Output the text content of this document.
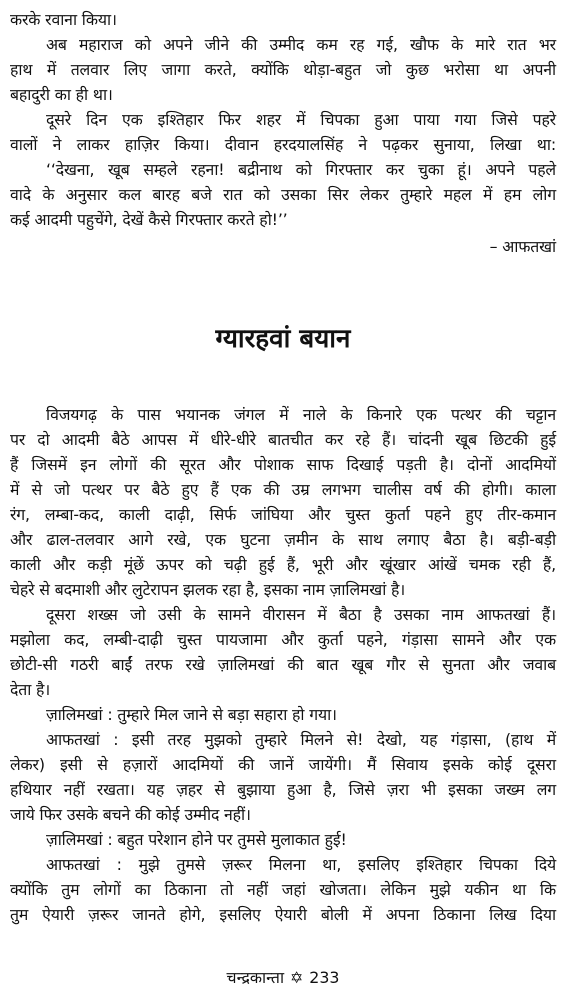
करके रवाना किया।
अब महाराज को अपने जीने की उम्मीद कम रह गई, खौफ के मारे रात भर
हाथ में तलवार लिए जागा करते, क्योंकि थोड़ा-बहुत जो कुछ भरोसा था अपनी
बहादुरी का ही था।
दूसरे दिन एक इश्तिहार फिर शहर में चिपका हुआ पाया गया जिसे पहरे
वालों ने लाकर हाज़िर किया। दीवान हरदयालसिंह ने पढ़कर सुनाया, लिखा था:
‘‘देखना, खूब सम्हले रहना! बद्रीनाथ को गिरफ्तार कर चुका हूं। अपने पहले
वादे के अनुसार कल बारह बजे रात को उसका सिर लेकर तुम्हारे महल में हम लोग
कई आदमी पहुचेंगे, देखें कैसे गिरफ्तार करते हो!’’
– आफतखां
ग्यारहवां बयान
विजयगढ़ के पास भयानक जंगल में नाले के किनारे एक पत्थर की चट्टान
पर दो आदमी बैठे आपस में धीरे-धीरे बातचीत कर रहे हैं। चांदनी खूब छिटकी हुई
हैं जिसमें इन लोगों की सूरत और पोशाक साफ दिखाई पड़ती है। दोनों आदमियों
में से जो पत्थर पर बैठे हुए हैं एक की उम्र लगभग चालीस वर्ष की होगी। काला
रंग, लम्बा-कद, काली दाढ़ी, सिर्फ जांघिया और चुस्त कुर्ता पहने हुए तीर-कमान
और ढाल-तलवार आगे रखे, एक घुटना ज़मीन के साथ लगाए बैठा है। बड़ी-बड़ी
काली और कड़ी मूंछें ऊपर को चढ़ी हुई हैं, भूरी और खूंखार आंखें चमक रही हैं,
चेहरे से बदमाशी और लुटेरापन झलक रहा है, इसका नाम ज़ालिमखां है।
दूसरा शख्स जो उसी के सामने वीरासन में बैठा है उसका नाम आफतखां हैं।
मझोला कद, लम्बी-दाढ़ी चुस्त पायजामा और कुर्ता पहने, गंड़ासा सामने और एक
छोटी-सी गठरी बाईं तरफ रखे ज़ालिमखां की बात खूब गौर से सुनता और जवाब
देता है।
ज़ालिमखां : तुम्हारे मिल जाने से बड़ा सहारा हो गया।
आफतखां : इसी तरह मुझको तुम्हारे मिलने से! देखो, यह गंड़ासा, (हाथ में
लेकर) इसी से हज़ारों आदमियों की जानें जायेंगी। मैं सिवाय इसके कोई दूसरा
हथियार नहीं रखता। यह ज़हर से बुझाया हुआ है, जिसे ज़रा भी इसका जख्म लग
जाये फिर उसके बचने की कोई उम्मीद नहीं।
ज़ालिमखां : बहुत परेशान होने पर तुमसे मुलाकात हुई!
आफतखां : मुझे तुमसे ज़रूर मिलना था, इसलिए इश्तिहार चिपका दिये
क्योंकि तुम लोगों का ठिकाना तो नहीं जहां खोजता। लेकिन मुझे यकीन था कि
तुम ऐयारी ज़रूर जानते होगे, इसलिए ऐयारी बोली में अपना ठिकाना लिख दिया
चन्द्रकान्ता ✡ 233
